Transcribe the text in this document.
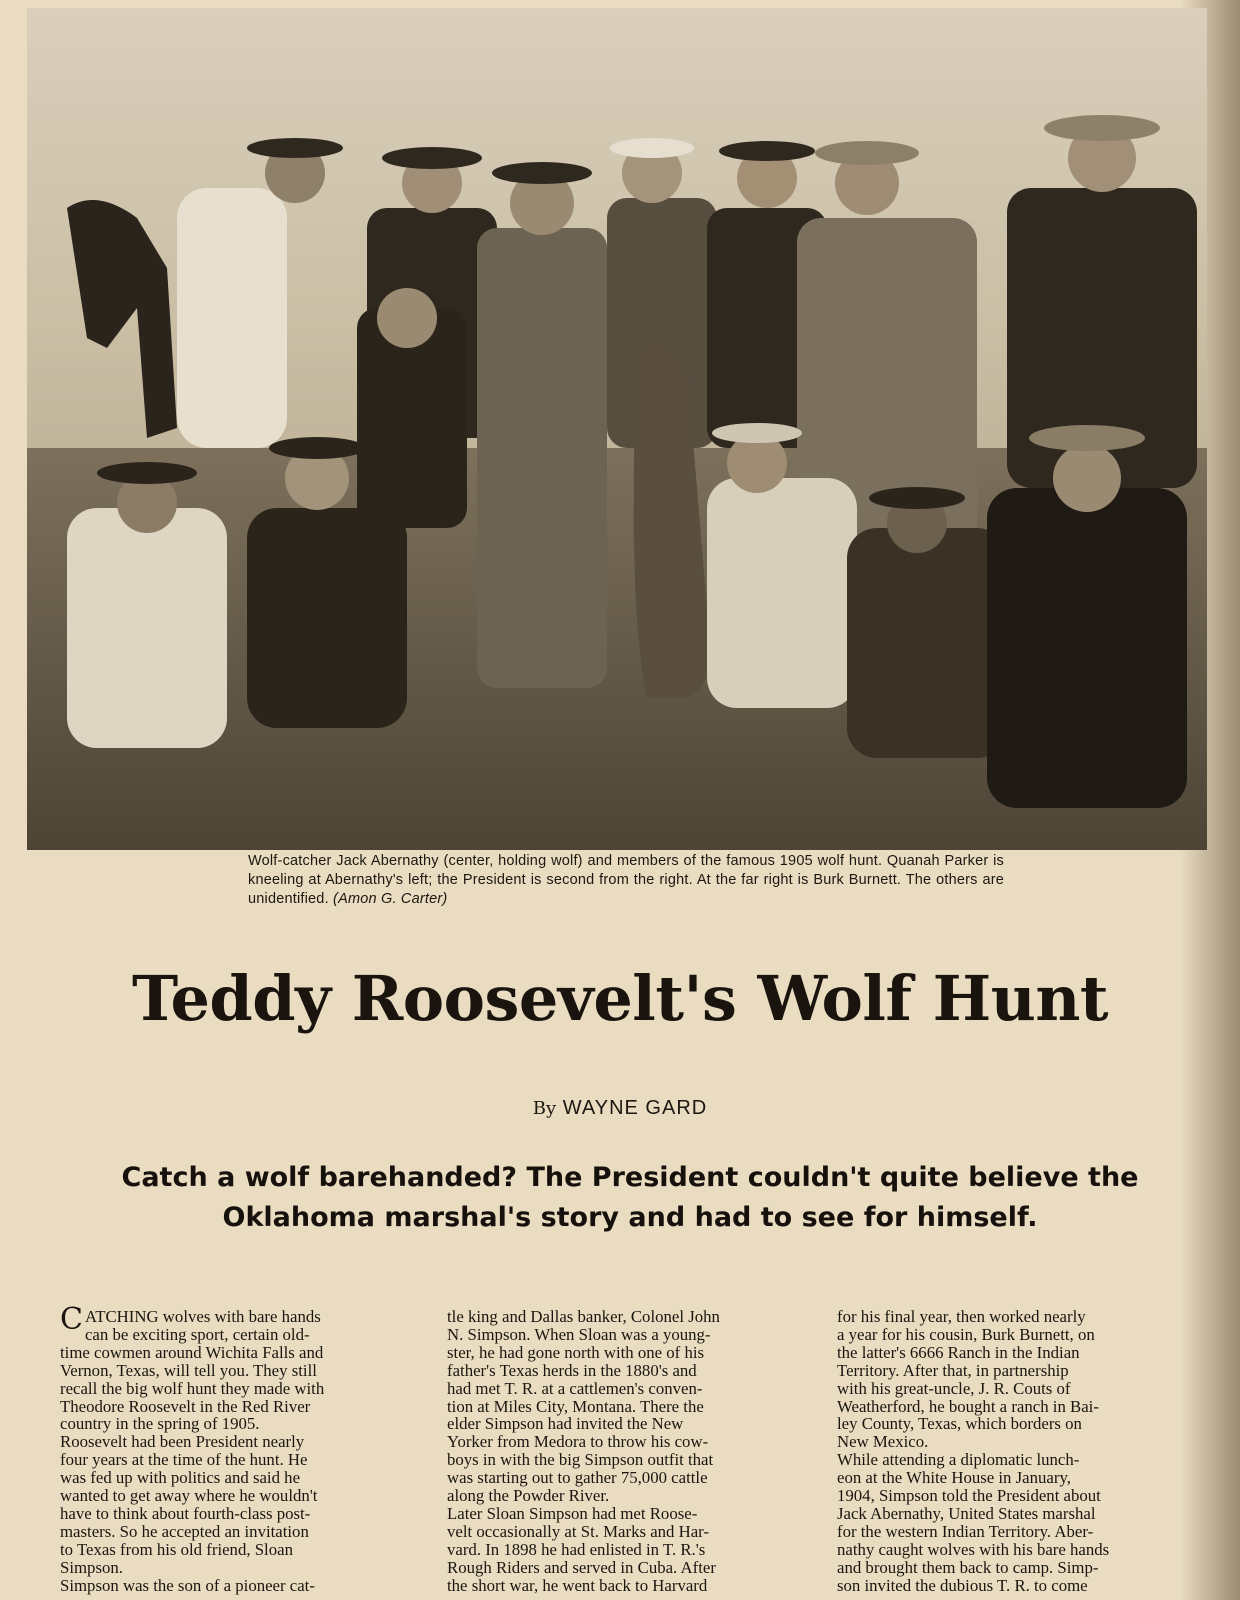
Wolf-catcher Jack Abernathy (center, holding wolf) and members of the famous 1905 wolf hunt. Quanah Parker is kneeling at Abernathy's left; the President is second from the right. At the far right is Burk Burnett. The others are unidentified. (Amon G. Carter)
Teddy Roosevelt's Wolf Hunt
By WAYNE GARD
Catch a wolf barehanded? The President couldn't quite believe the
Oklahoma marshal's story and had to see for himself.
C ATCHING wolves with bare hands

can be exciting sport, certain old-

time cowmen around Wichita Falls and

Vernon, Texas, will tell you. They still

recall the big wolf hunt they made with

Theodore Roosevelt in the Red River

country in the spring of 1905.

Roosevelt had been President nearly

four years at the time of the hunt. He

was fed up with politics and said he

wanted to get away where he wouldn't

have to think about fourth-class post-

masters. So he accepted an invitation

to Texas from his old friend, Sloan

Simpson.

Simpson was the son of a pioneer cat-

tle king and Dallas banker, Colonel John

N. Simpson. When Sloan was a young-

ster, he had gone north with one of his

father's Texas herds in the 1880's and

had met T. R. at a cattlemen's conven-

tion at Miles City, Montana. There the

elder Simpson had invited the New

Yorker from Medora to throw his cow-

boys in with the big Simpson outfit that

was starting out to gather 75,000 cattle

along the Powder River.

Later Sloan Simpson had met Roose-

velt occasionally at St. Marks and Har-

vard. In 1898 he had enlisted in T. R.'s

Rough Riders and served in Cuba. After

the short war, he went back to Harvard

for his final year, then worked nearly

a year for his cousin, Burk Burnett, on

the latter's 6666 Ranch in the Indian

Territory. After that, in partnership

with his great-uncle, J. R. Couts of

Weatherford, he bought a ranch in Bai-

ley County, Texas, which borders on

New Mexico.

While attending a diplomatic lunch-

eon at the White House in January,

1904, Simpson told the President about

Jack Abernathy, United States marshal

for the western Indian Territory. Aber-

nathy caught wolves with his bare hands

and brought them back to camp. Simp-

son invited the dubious T. R. to come
